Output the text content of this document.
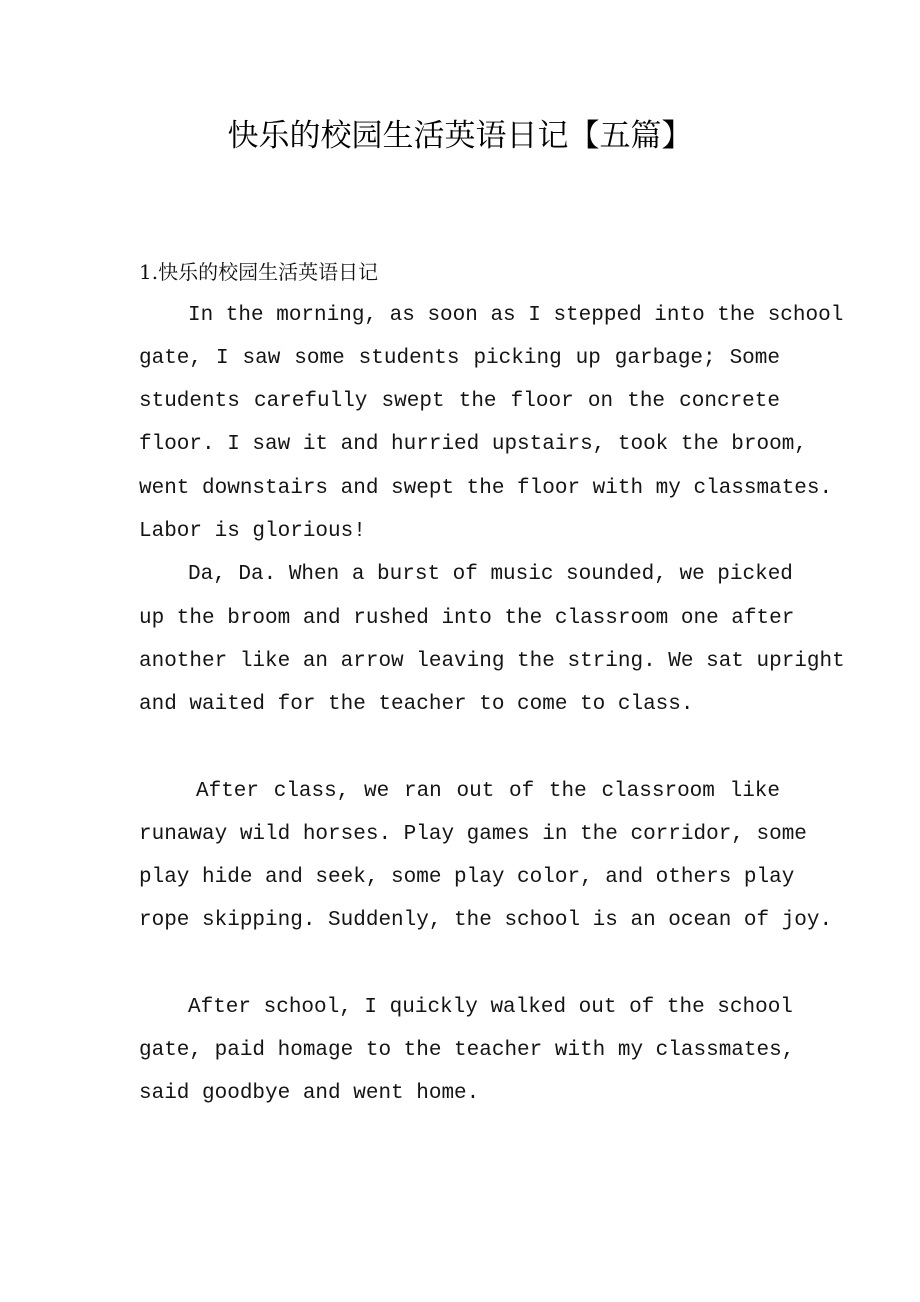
快乐的校园生活英语日记【五篇】
1.快乐的校园生活英语日记
In the morning, as soon as I stepped into the school
gate, I saw some students picking up garbage; Some
students carefully swept the floor on the concrete
floor. I saw it and hurried upstairs, took the broom,
went downstairs and swept the floor with my classmates.
Labor is glorious!
Da, Da. When a burst of music sounded, we picked
up the broom and rushed into the classroom one after
another like an arrow leaving the string. We sat upright
and waited for the teacher to come to class.
After class, we ran out of the classroom like
runaway wild horses. Play games in the corridor, some
play hide and seek, some play color, and others play
rope skipping. Suddenly, the school is an ocean of joy.
After school, I quickly walked out of the school
gate, paid homage to the teacher with my classmates,
said goodbye and went home.
